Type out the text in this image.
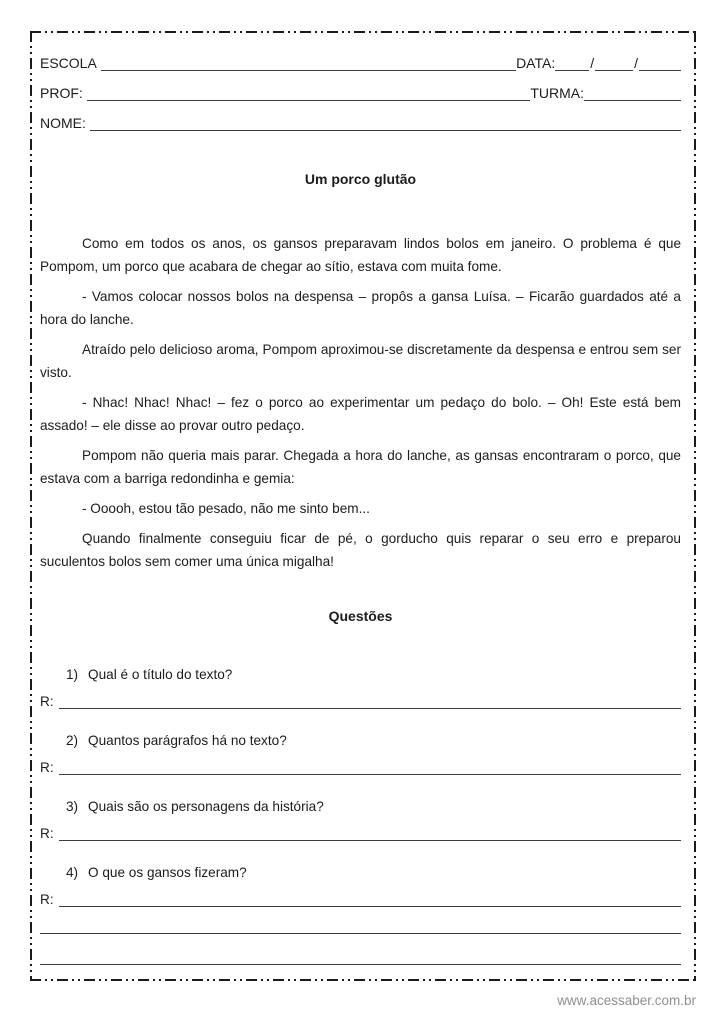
ESCOLA	DATA:	/	/
PROF:	TURMA:
NOME:
Um porco glutão

Como em todos os anos, os gansos preparavam lindos bolos em janeiro. O problema é que Pompom, um porco que acabara de chegar ao sítio, estava com muita fome.

- Vamos colocar nossos bolos na despensa – propôs a gansa Luísa. – Ficarão guardados até a hora do lanche.

Atraído pelo delicioso aroma, Pompom aproximou-se discretamente da despensa e entrou sem ser visto.

- Nhac! Nhac! Nhac! – fez o porco ao experimentar um pedaço do bolo. – Oh! Este está bem assado! – ele disse ao provar outro pedaço.

Pompom não queria mais parar. Chegada a hora do lanche, as gansas encontraram o porco, que estava com a barriga redondinha e gemia:

- Ooooh, estou tão pesado, não me sinto bem...

Quando finalmente conseguiu ficar de pé, o gorducho quis reparar o seu erro e preparou suculentos bolos sem comer uma única migalha!

Questões
1) Qual é o título do texto?
R:
2) Quantos parágrafos há no texto?
R:
3) Quais são os personagens da história?
R:
4) O que os gansos fizeram?
R:
www.acessaber.com.br
